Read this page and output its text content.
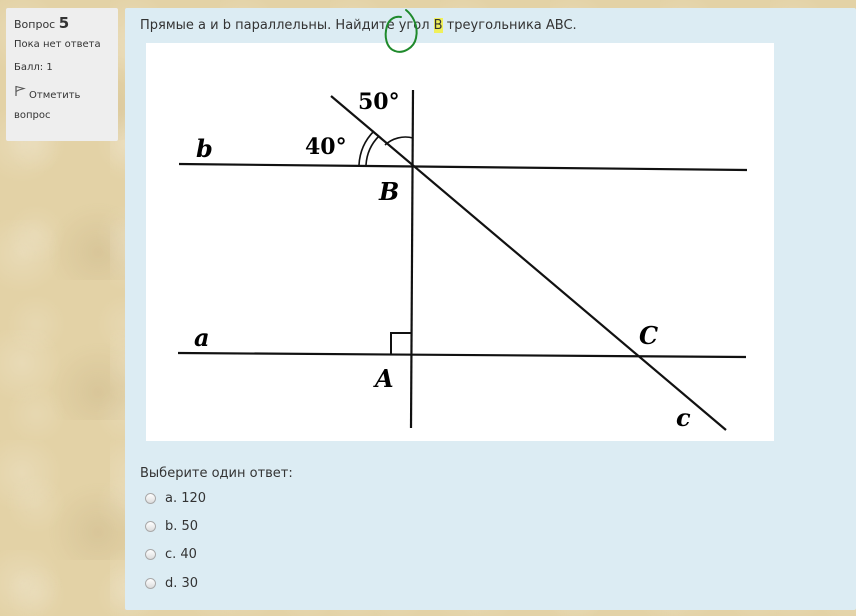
Вопрос 5
Пока нет ответа
Балл: 1
Отметить
вопрос
Прямые a и b параллельны. Найдите угол B треугольника ABC.
b
a
c
B
A
C
50°
40°
Выберите один ответ:
a. 120
b. 50
c. 40
d. 30
